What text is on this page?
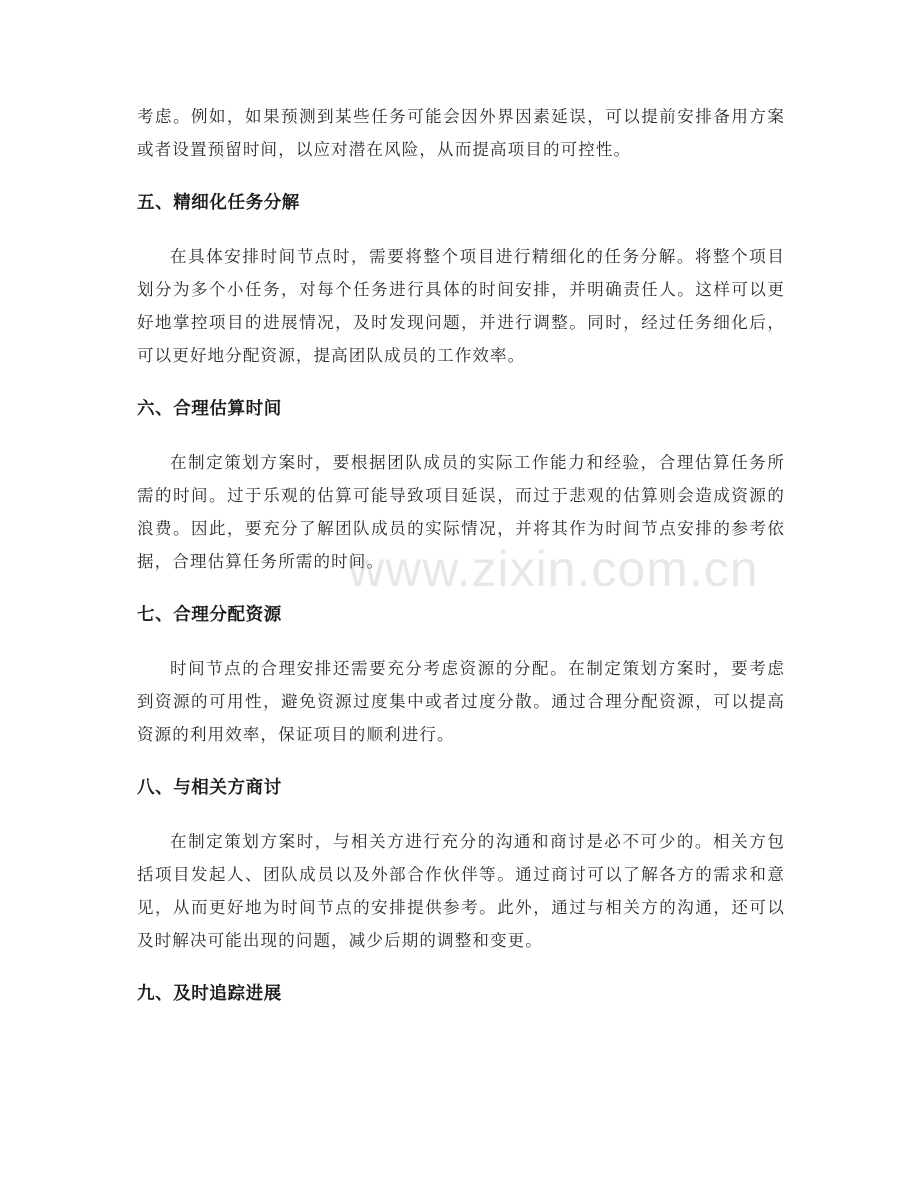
考虑。例如，如果预测到某些任务可能会因外界因素延误，可以提前安排备用方案或者设置预留时间，以应对潜在风险，从而提高项目的可控性。

五、精细化任务分解

在具体安排时间节点时，需要将整个项目进行精细化的任务分解。将整个项目划分为多个小任务，对每个任务进行具体的时间安排，并明确责任人。这样可以更好地掌控项目的进展情况，及时发现问题，并进行调整。同时，经过任务细化后，可以更好地分配资源，提高团队成员的工作效率。

六、合理估算时间

在制定策划方案时，要根据团队成员的实际工作能力和经验，合理估算任务所需的时间。过于乐观的估算可能导致项目延误，而过于悲观的估算则会造成资源的浪费。因此，要充分了解团队成员的实际情况，并将其作为时间节点安排的参考依据，合理估算任务所需的时间。

七、合理分配资源

时间节点的合理安排还需要充分考虑资源的分配。在制定策划方案时，要考虑到资源的可用性，避免资源过度集中或者过度分散。通过合理分配资源，可以提高资源的利用效率，保证项目的顺利进行。

八、与相关方商讨

在制定策划方案时，与相关方进行充分的沟通和商讨是必不可少的。相关方包括项目发起人、团队成员以及外部合作伙伴等。通过商讨可以了解各方的需求和意见，从而更好地为时间节点的安排提供参考。此外，通过与相关方的沟通，还可以及时解决可能出现的问题，减少后期的调整和变更。

九、及时追踪进展
www.zixin.com.cn
